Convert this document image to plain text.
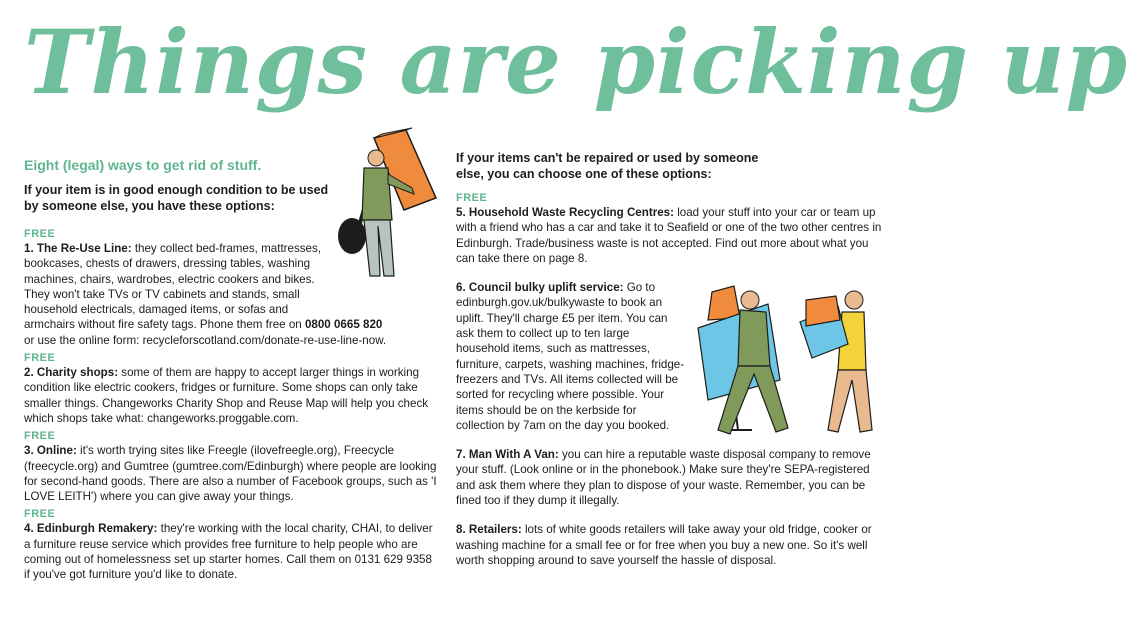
Things are picking up
Eight (legal) ways to get rid of stuff.
If your item is in good enough condition to be used by someone else, you have these options:
FREE
1. The Re-Use Line: they collect bed-frames, mattresses,
bookcases, chests of drawers, dressing tables, washing
machines, chairs, wardrobes, electric cookers and bikes.
They won't take TVs or TV cabinets and stands, small
household electricals, damaged items, or sofas and
armchairs without fire safety tags. Phone them free on 0800 0665 820
or use the online form: recycleforscotland.com/donate-re-use-line-now.
FREE
2. Charity shops: some of them are happy to accept larger things in working condition like electric cookers, fridges or furniture. Some shops can only take smaller things. Changeworks Charity Shop and Reuse Map will help you check which shops take what: changeworks.proggable.com.
FREE
3. Online: it's worth trying sites like Freegle (ilovefreegle.org), Freecycle (freecycle.org) and Gumtree (gumtree.com/Edinburgh) where people are looking for second-hand goods. There are also a number of Facebook groups, such as 'I LOVE LEITH') where you can give away your things.
FREE
4. Edinburgh Remakery: they're working with the local charity, CHAI, to deliver a furniture reuse service which provides free furniture to help people who are coming out of homelessness set up starter homes. Call them on 0131 629 9358 if you've got furniture you'd like to donate.
If your items can't be repaired or used by someone else, you can choose one of these options:
FREE
5. Household Waste Recycling Centres: load your stuff into your car or team up with a friend who has a car and take it to Seafield or one of the two other centres in Edinburgh. Trade/business waste is not accepted. Find out more about what you can take there on page 8.
6. Council bulky uplift service: Go to edinburgh.gov.uk/bulkywaste to book an uplift. They'll charge £5 per item. You can ask them to collect up to ten large household items, such as mattresses, furniture, carpets, washing machines, fridge-freezers and TVs. All items collected will be sorted for recycling where possible. Your items should be on the kerbside for collection by 7am on the day you booked.
7. Man With A Van: you can hire a reputable waste disposal company to remove your stuff. (Look online or in the phonebook.) Make sure they're SEPA-registered and ask them where they plan to dispose of your waste. Remember, you can be fined too if they dump it illegally.
8. Retailers: lots of white goods retailers will take away your old fridge, cooker or washing machine for a small fee or for free when you buy a new one. So it's well worth shopping around to save yourself the hassle of disposal.
